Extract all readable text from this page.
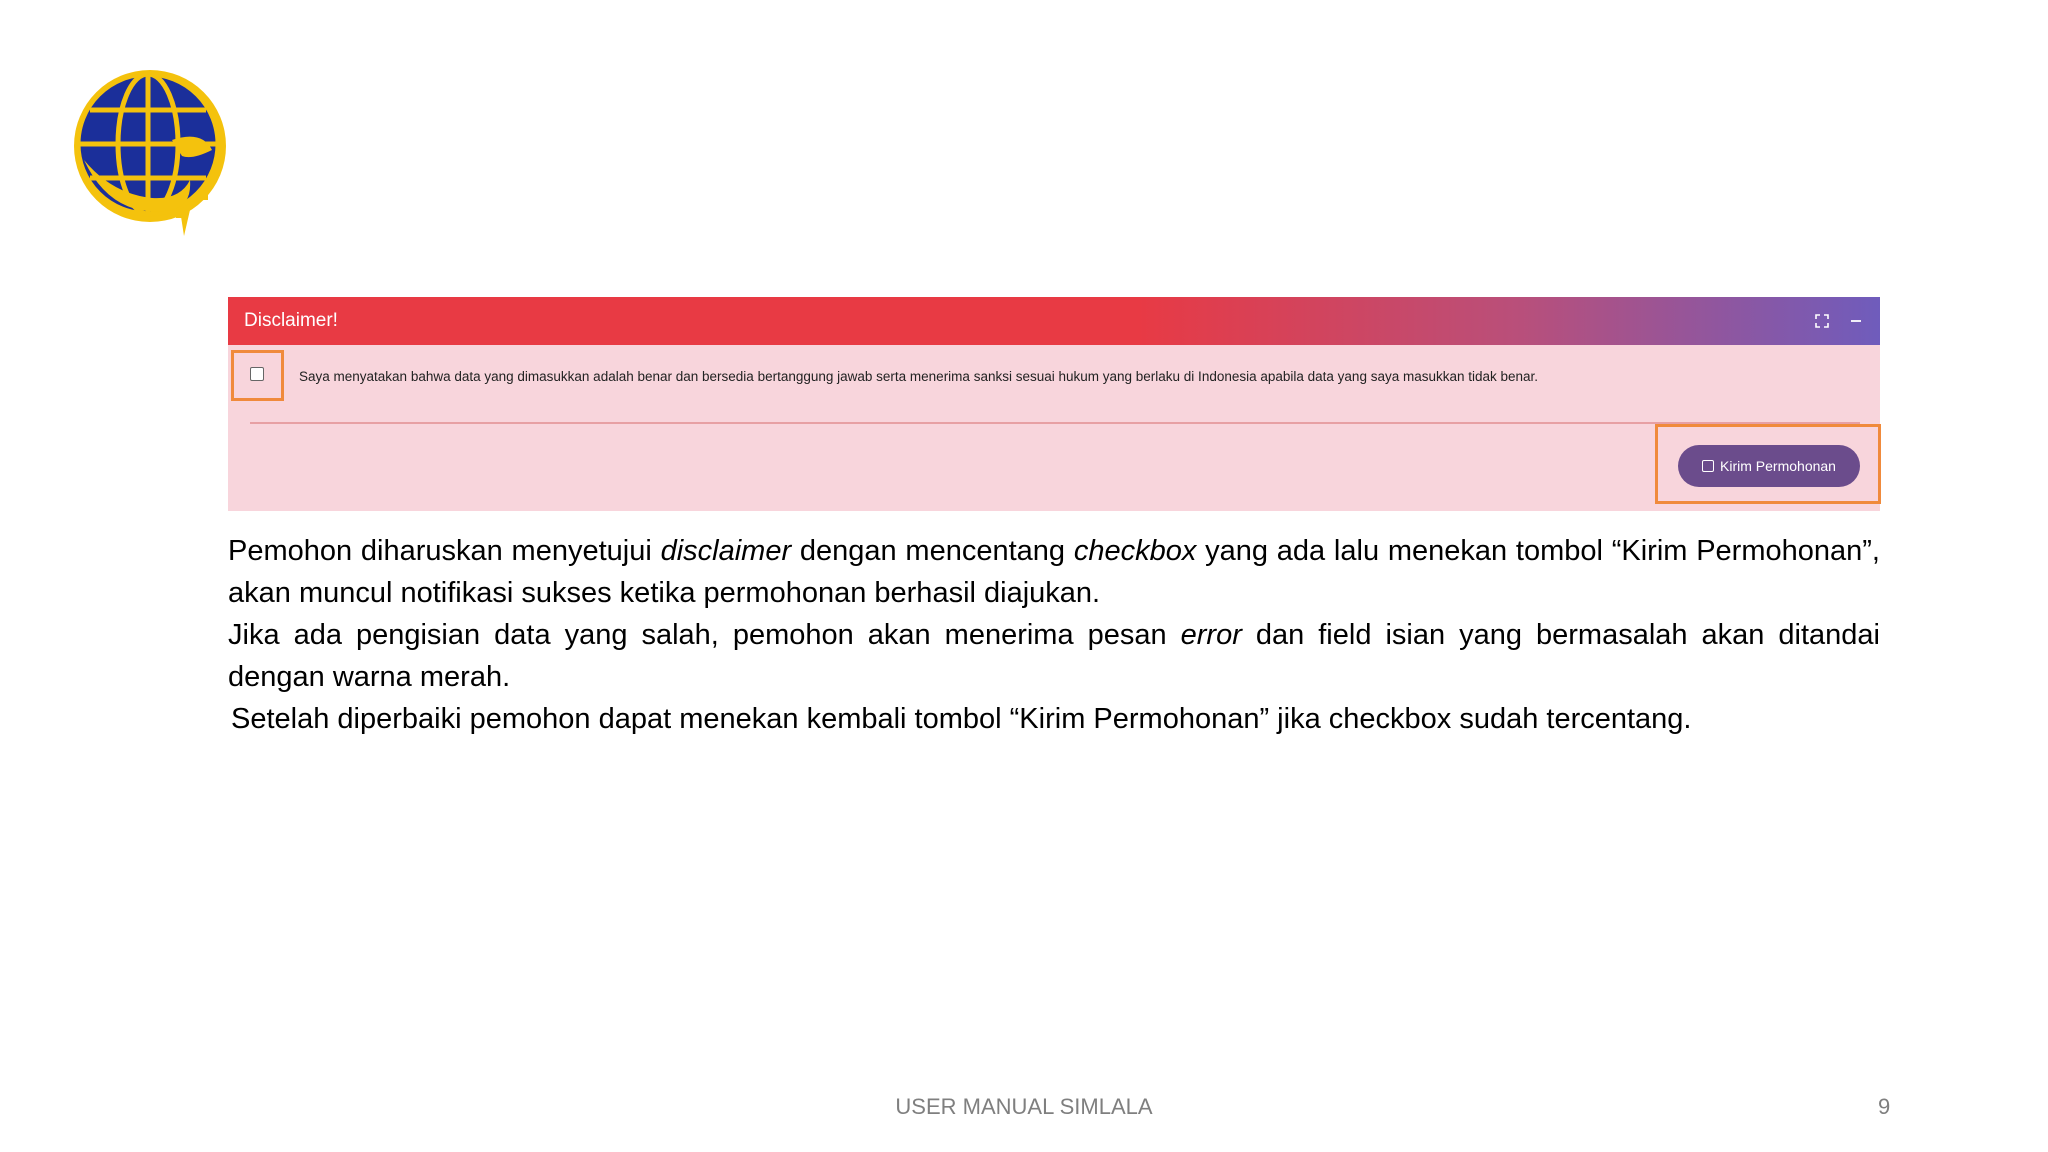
Disclaimer!
Saya menyatakan bahwa data yang dimasukkan adalah benar dan bersedia bertanggung jawab serta menerima sanksi sesuai hukum yang berlaku di Indonesia apabila data yang saya masukkan tidak benar.
Kirim Permohonan

Pemohon diharuskan menyetujui disclaimer dengan mencentang checkbox yang ada lalu menekan tombol “Kirim Permohonan”, akan muncul notifikasi sukses ketika permohonan berhasil diajukan.

Jika ada pengisian data yang salah, pemohon akan menerima pesan error dan field isian yang bermasalah akan ditandai dengan warna merah.

Setelah diperbaiki pemohon dapat menekan kembali tombol “Kirim Permohonan” jika checkbox sudah tercentang.

USER MANUAL SIMLALA	9
